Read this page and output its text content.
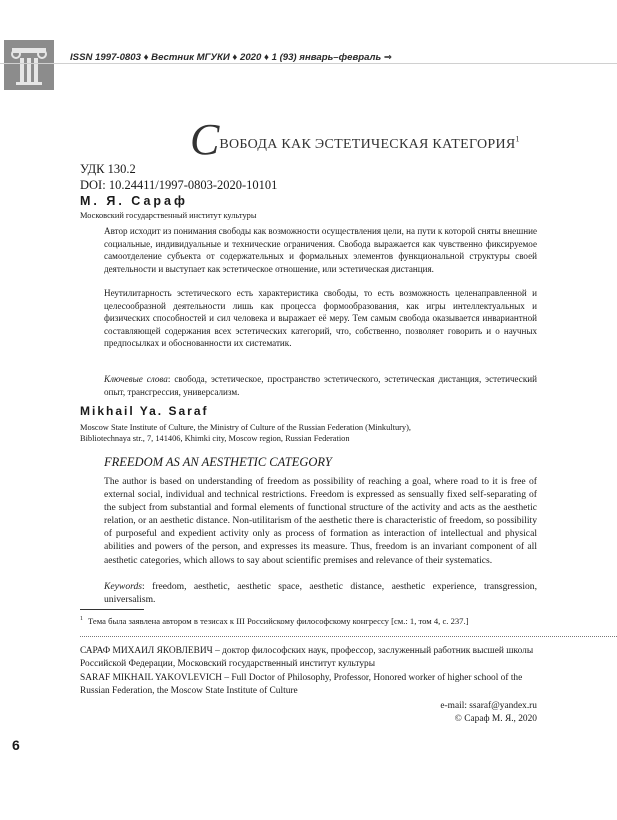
ISSN 1997-0803 ♦ Вестник МГУКИ ♦ 2020 ♦ 1 (93) январь–февраль ⇒
СВОБОДА КАК ЭСТЕТИЧЕСКАЯ КАТЕГОРИЯ$^1$
УДК 130.2
DOI: 10.24411/1997-0803-2020-10101
М. Я. Сараф
Московский государственный институт культуры
Автор исходит из понимания свободы как возможности осуществления цели, на пути к которой сняты внешние социальные, индивидуальные и технические ограничения. Свобода выражается как чувственно фиксируемое самоотделение субъекта от содержательных и формальных элементов функциональной структуры своей деятельности и выступает как эстетическое отношение, или эстетическая дистанция.
Неутилитарность эстетического есть характеристика свободы, то есть возможность целенаправленной и целесообразной деятельности лишь как процесса формообразования, как игры интеллектуальных и физических способностей и сил человека и выражает её меру. Тем самым свобода оказывается инвариантной составляющей содержания всех эстетических категорий, что, собственно, позволяет говорить и о научных предпосылках и обоснованности их систематик.
Ключевые слова: свобода, эстетическое, пространство эстетического, эстетическая дистанция, эстетический опыт, трансгрессия, универсализм.
Mikhail Ya. Saraf
Moscow State Institute of Culture, the Ministry of Culture of the Russian Federation (Minkultury),
Bibliotechnaya str., 7, 141406, Khimki city, Moscow region, Russian Federation
FREEDOM AS AN AESTHETIC CATEGORY
The author is based on understanding of freedom as possibility of reaching a goal, where road to it is free of external social, individual and technical restrictions. Freedom is expressed as sensually fixed self-separating of the subject from substantial and formal elements of functional structure of the activity and acts as the aesthetic relation, or an aesthetic distance. Non-utilitarism of the aesthetic there is characteristic of freedom, so possibility of purposeful and expedient activity only as process of formation as interaction of intellectual and physical abilities and powers of the person, and expresses its measure. Thus, freedom is an invariant component of all aesthetic categories, which allows to say about scientific premises and relevance of their systematics.
Keywords: freedom, aesthetic, aesthetic space, aesthetic distance, aesthetic experience, transgression, universalism.
$^1$ Тема была заявлена автором в тезисах к III Российскому философскому конгрессу [см.: 1, том 4, с. 237.]
САРАФ МИХАИЛ ЯКОВЛЕВИЧ – доктор философских наук, профессор, заслуженный работник высшей школы Российской Федерации, Московский государственный институт культуры
SARAF MIKHAIL YAKOVLEVICH – Full Doctor of Philosophy, Professor, Honored worker of higher school of the Russian Federation, the Moscow State Institute of Culture
e-mail: ssaraf@yandex.ru
© Сараф М. Я., 2020
6
